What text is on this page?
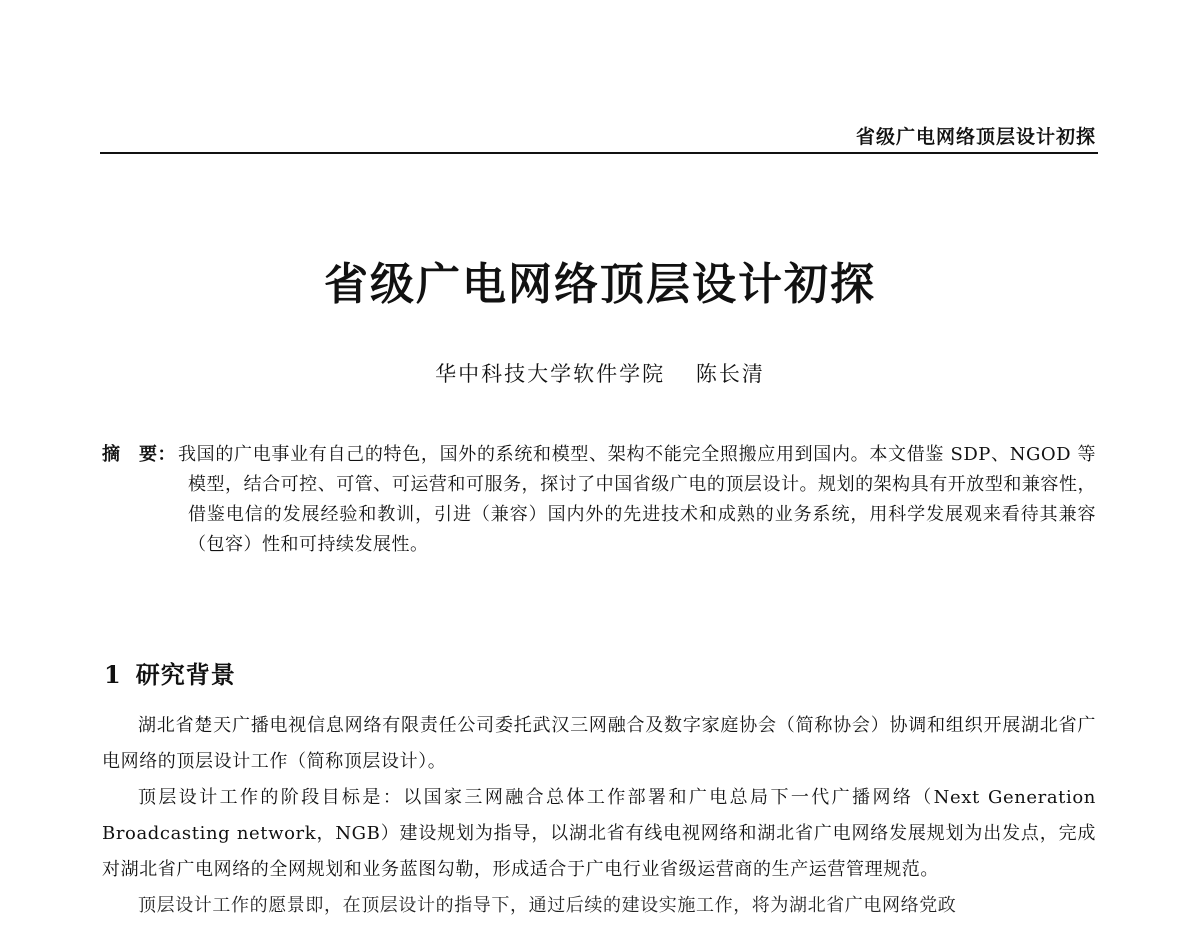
省级广电网络顶层设计初探
省级广电网络顶层设计初探
华中科技大学软件学院 陈长清
摘　要： 我国的广电事业有自己的特色，国外的系统和模型、架构不能完全照搬应用到国内。本文借鉴 SDP、NGOD 等模型，结合可控、可管、可运营和可服务，探讨了中国省级广电的顶层设计。规划的架构具有开放型和兼容性，借鉴电信的发展经验和教训，引进（兼容）国内外的先进技术和成熟的业务系统，用科学发展观来看待其兼容（包容）性和可持续发展性。
1 研究背景

湖北省楚天广播电视信息网络有限责任公司委托武汉三网融合及数字家庭协会（简称协会）协调和组织开展湖北省广电网络的顶层设计工作（简称顶层设计）。

顶层设计工作的阶段目标是：以国家三网融合总体工作部署和广电总局下一代广播网络（Next Generation Broadcasting network，NGB）建设规划为指导，以湖北省有线电视网络和湖北省广电网络发展规划为出发点，完成对湖北省广电网络的全网规划和业务蓝图勾勒，形成适合于广电行业省级运营商的生产运营管理规范。

顶层设计工作的愿景即，在顶层设计的指导下，通过后续的建设实施工作，将为湖北省广电网络党政
